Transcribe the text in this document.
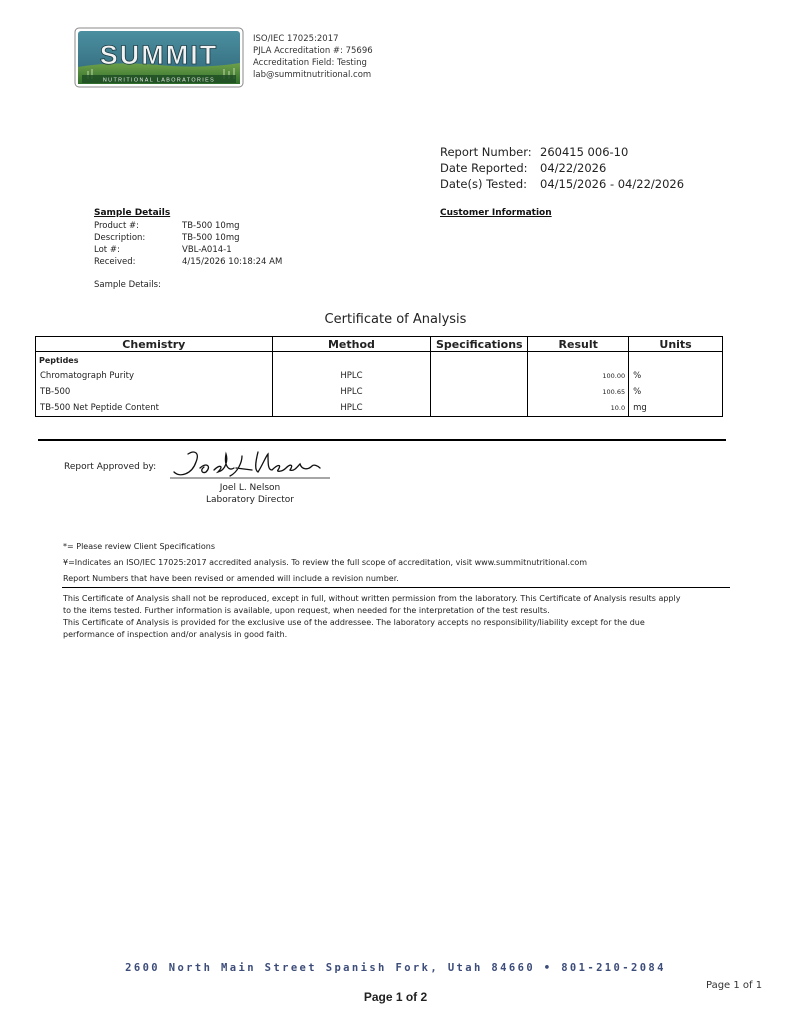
SUMMIT
NUTRITIONAL LABORATORIES
ISO/IEC 17025:2017
PJLA Accreditation #: 75696
Accreditation Field: Testing
lab@summitnutritional.com
Report Number: 260415 006-10
Date Reported: 04/22/2026
Date(s) Tested: 04/15/2026 - 04/22/2026
Sample Details
Product #:	TB-500 10mg
Description:	TB-500 10mg
Lot #:	VBL-A014-1
Received:	4/15/2026 10:18:24 AM
Sample Details:
Customer Information
Certificate of Analysis
Chemistry	Method	Specifications	Result	Units
Peptides				
Chromatograph Purity	HPLC		100.00	%
TB-500	HPLC		100.65	%
TB-500 Net Peptide Content	HPLC		10.0	mg
Report Approved by:
Joel L. Nelson
Laboratory Director
*= Please review Client Specifications
¥=Indicates an ISO/IEC 17025:2017 accredited analysis. To review the full scope of accreditation, visit www.summitnutritional.com
Report Numbers that have been revised or amended will include a revision number.
This Certificate of Analysis shall not be reproduced, except in full, without written permission from the laboratory. This Certificate of Analysis results apply
to the items tested. Further information is available, upon request, when needed for the interpretation of the test results.
This Certificate of Analysis is provided for the exclusive use of the addressee. The laboratory accepts no responsibility/liability except for the due
performance of inspection and/or analysis in good faith.
2600 North Main Street Spanish Fork, Utah 84660 • 801-210-2084
Page 1 of 1
Page 1 of 2
